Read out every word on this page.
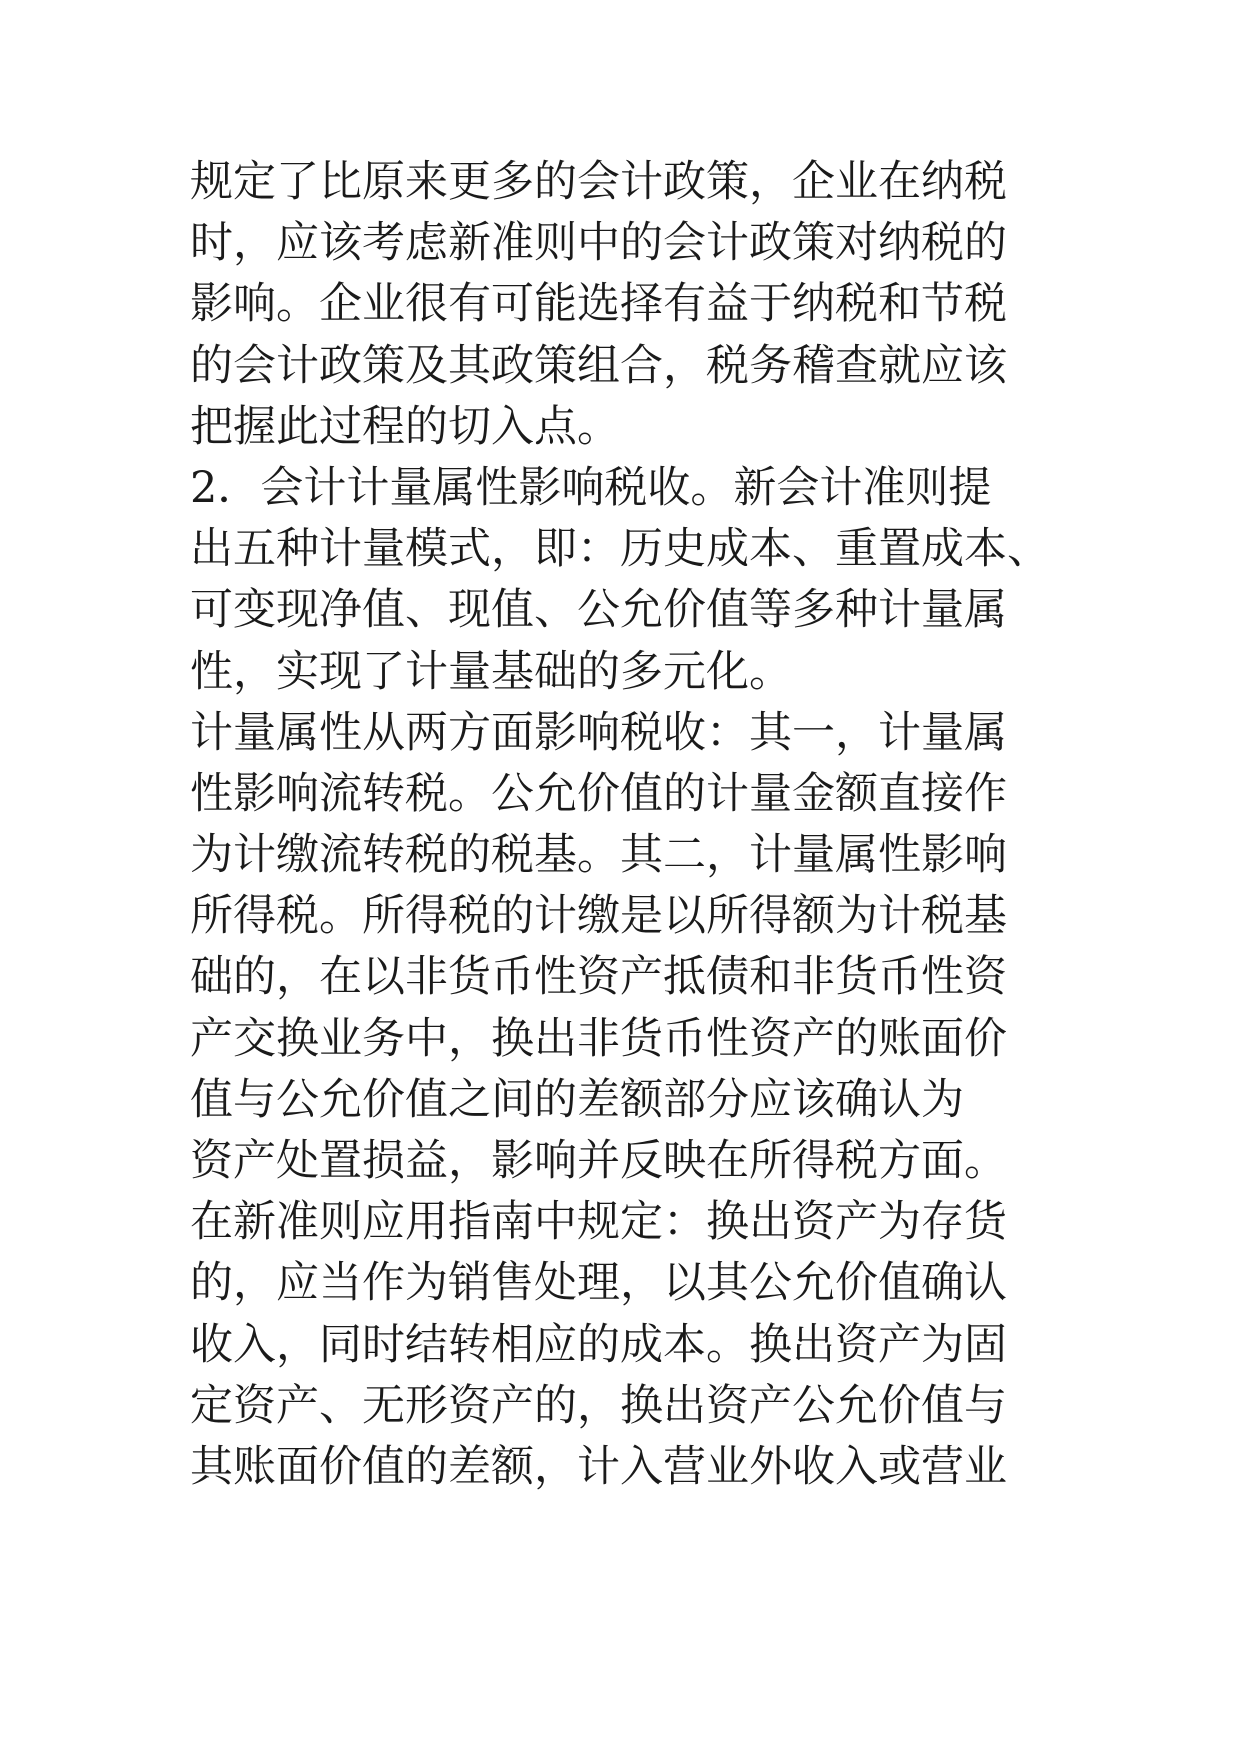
规定了比原来更多的会计政策，企业在纳税
时，应该考虑新准则中的会计政策对纳税的
影响。企业很有可能选择有益于纳税和节税
的会计政策及其政策组合，税务稽查就应该
把握此过程的切入点。
2．会计计量属性影响税收。新会计准则提
出五种计量模式，即：历史成本、重置成本、
可变现净值、现值、公允价值等多种计量属
性，实现了计量基础的多元化。
计量属性从两方面影响税收：其一，计量属
性影响流转税。公允价值的计量金额直接作
为计缴流转税的税基。其二，计量属性影响
所得税。所得税的计缴是以所得额为计税基
础的，在以非货币性资产抵债和非货币性资
产交换业务中，换出非货币性资产的账面价
值与公允价值之间的差额部分应该确认为
资产处置损益，影响并反映在所得税方面。
在新准则应用指南中规定：换出资产为存货
的，应当作为销售处理，以其公允价值确认
收入，同时结转相应的成本。换出资产为固
定资产、无形资产的，换出资产公允价值与
其账面价值的差额，计入营业外收入或营业
